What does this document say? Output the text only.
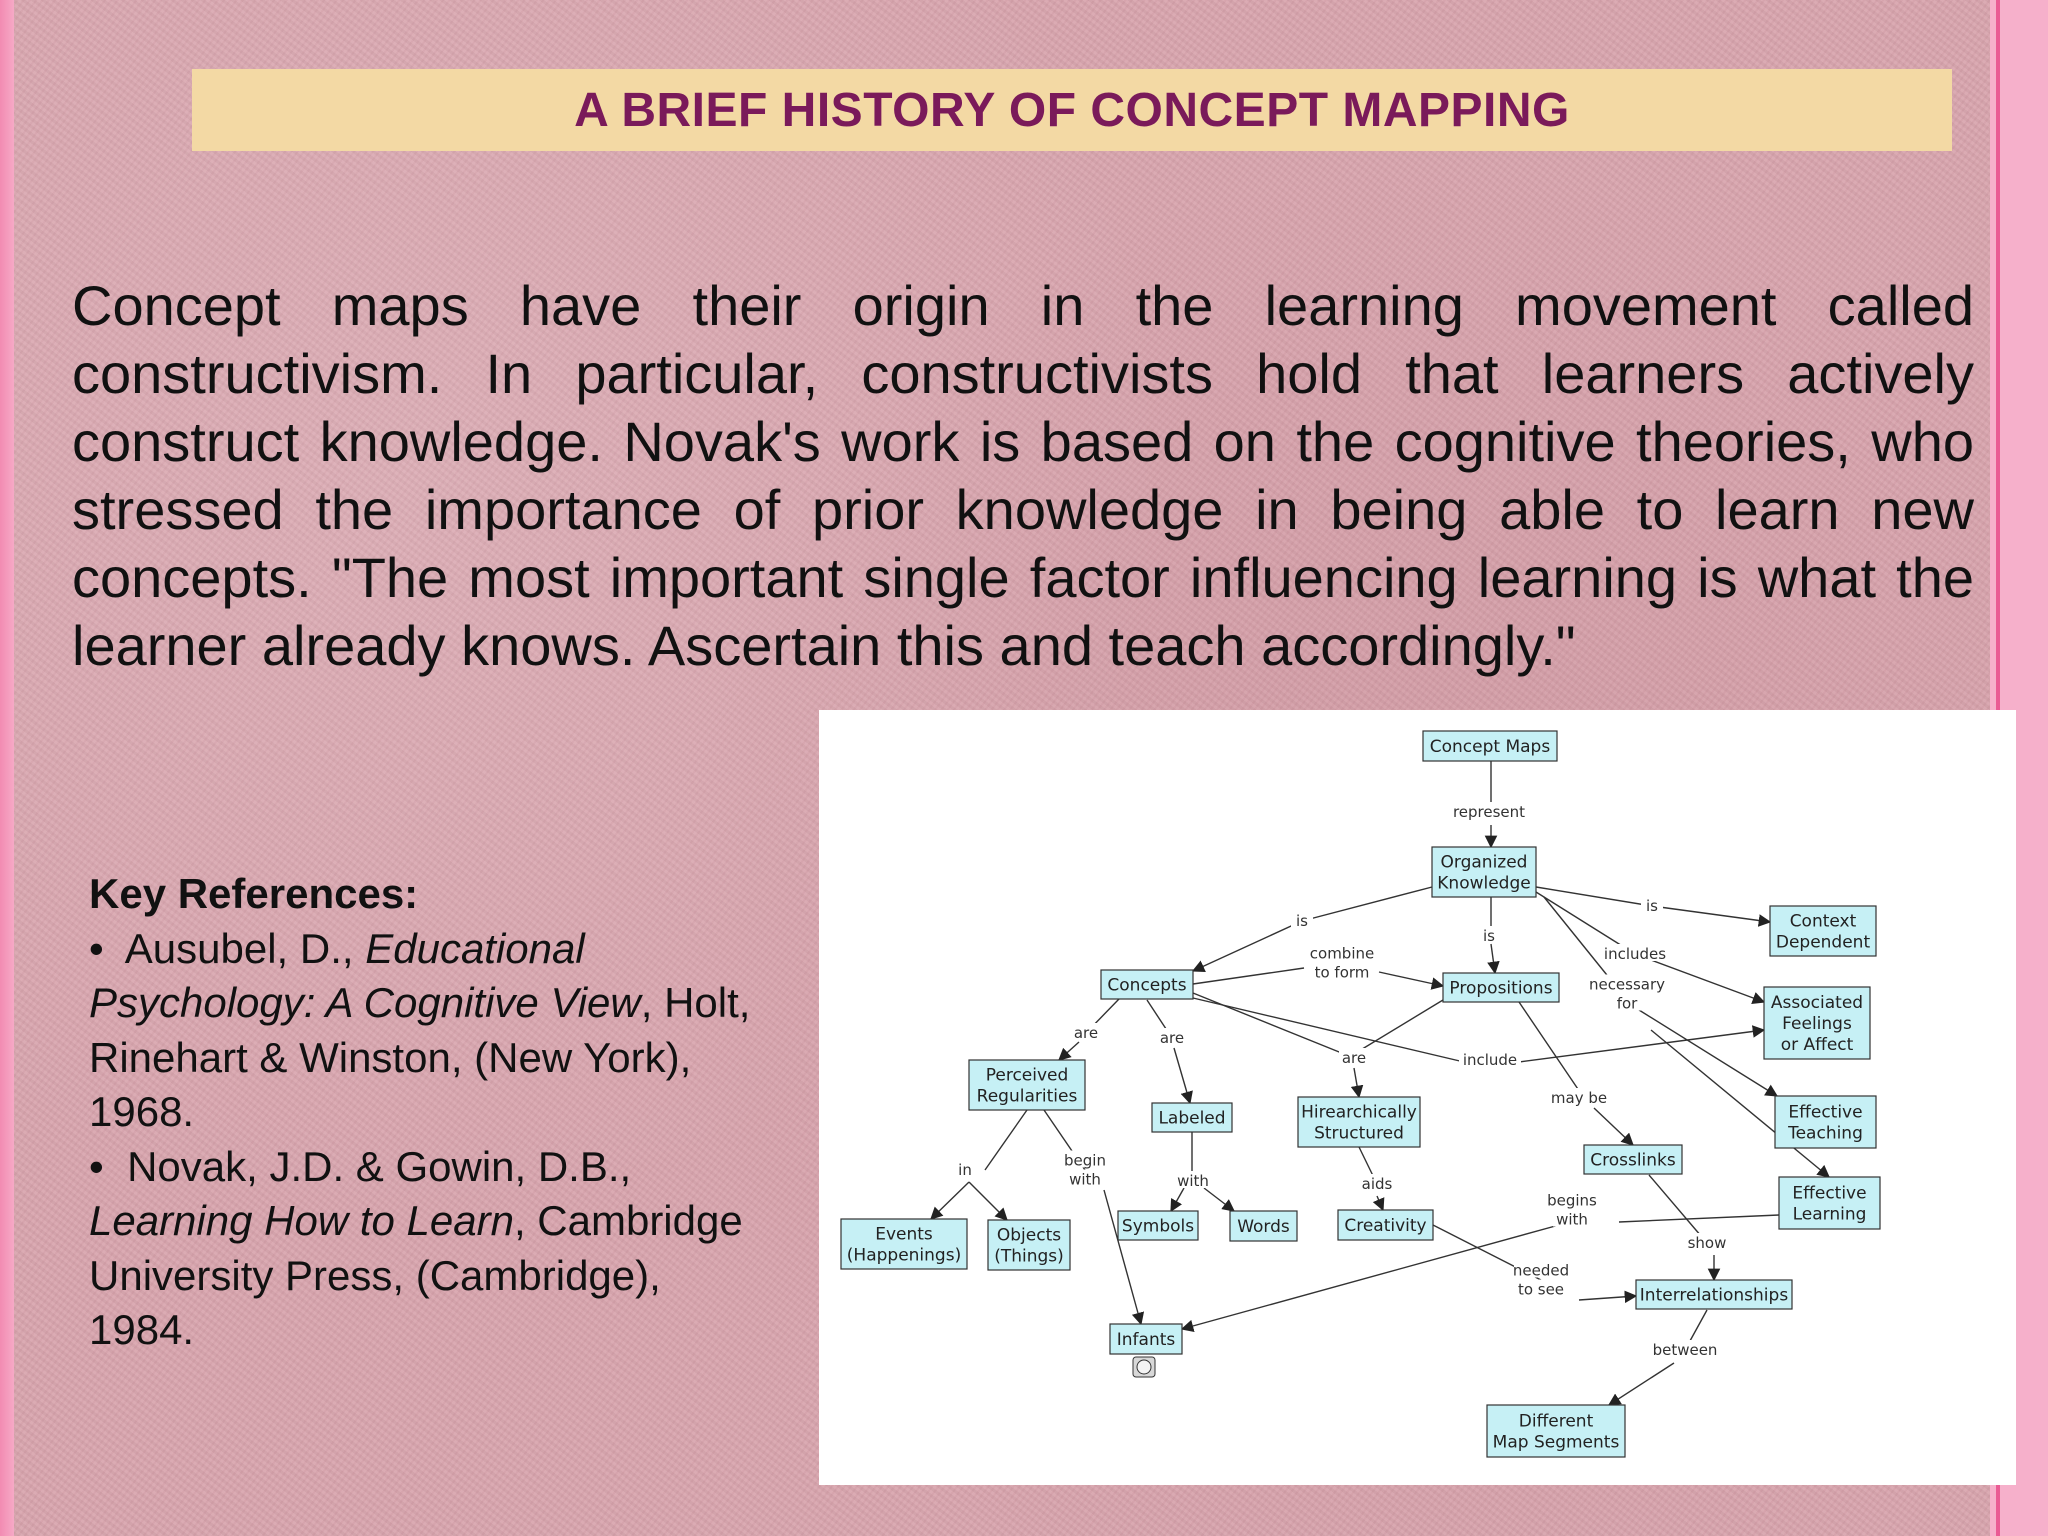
A BRIEF HISTORY OF CONCEPT MAPPING

Concept maps have their origin in the learning movement called constructivism. In particular, constructivists hold that learners actively construct knowledge. Novak's work is based on the cognitive theories, who stressed the importance of prior knowledge in being able to learn new concepts. "The most important single factor influencing learning is what the learner already knows. Ascertain this and teach accordingly."

Key References:
• Ausubel, D., Educational Psychology: A Cognitive View, Holt, Rinehart & Winston, (New York), 1968.
• Novak, J.D. & Gowin, D.B., Learning How to Learn, Cambridge University Press, (Cambridge), 1984.
represent
is
is
is
includes
combine
to form
necessary
for
are	are
are	include
may be
in
begin
with	with	aids
begins
with
show
needed
to see
between
Concept Maps
Organized
Knowledge
Context
Dependent
Concepts	Propositions
Associated
Feelings
or Affect
Perceived
Regularities
Labeled	Hirearchically
Structured
Effective
Teaching
Crosslinks
Effective
Learning
Events
(Happenings)
Objects
(Things)
Symbols	Words	Creativity
Interrelationships
Infants
Different
Map Segments
